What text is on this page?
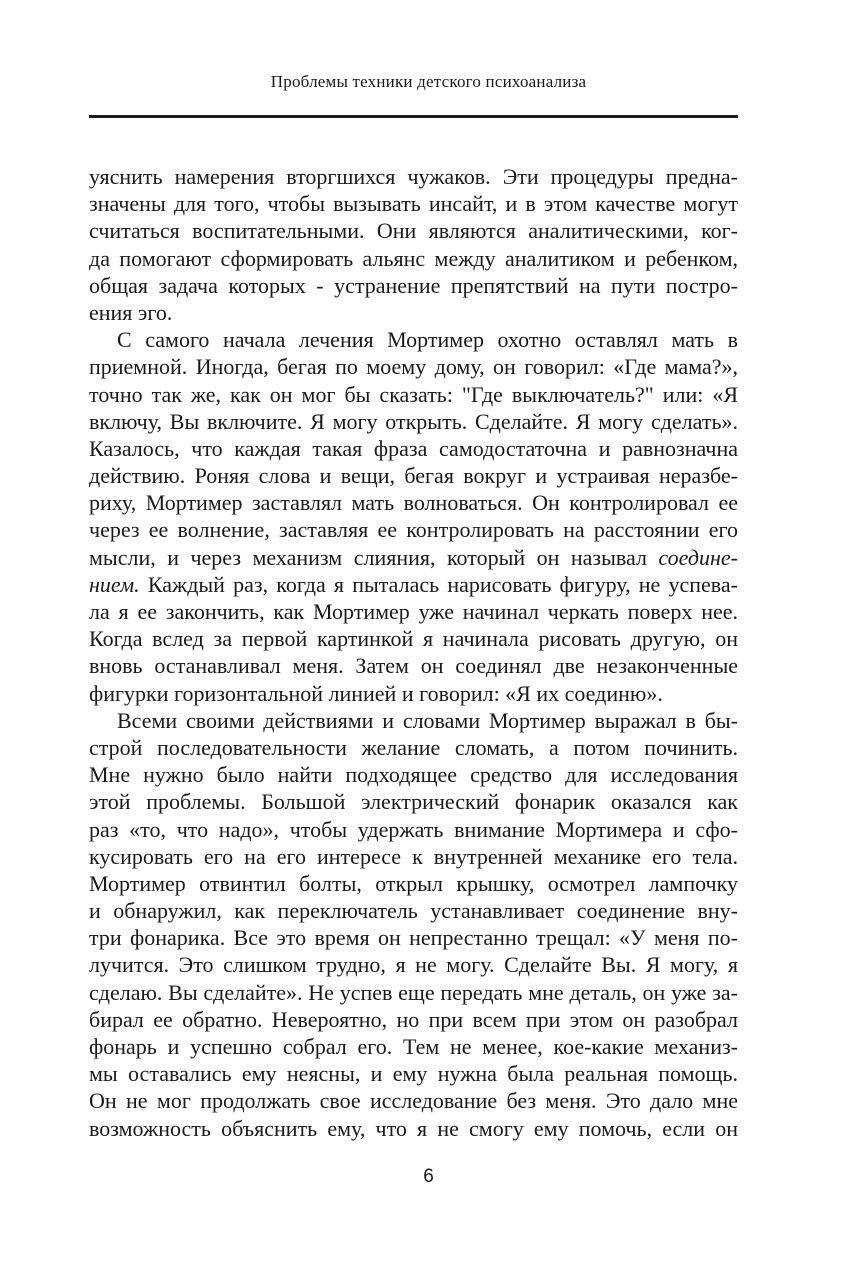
Проблемы техники детского психоанализа
уяснить намерения вторгшихся чужаков. Эти процедуры предна-
значены для того, чтобы вызывать инсайт, и в этом качестве могут
считаться воспитательными. Они являются аналитическими, ког-
да помогают сформировать альянс между аналитиком и ребенком,
общая задача которых - устранение препятствий на пути постро-
ения эго.
С самого начала лечения Мортимер охотно оставлял мать в
приемной. Иногда, бегая по моему дому, он говорил: «Где мама?»,
точно так же, как он мог бы сказать: "Где выключатель?" или: «Я
включу, Вы включите. Я могу открыть. Сделайте. Я могу сделать».
Казалось, что каждая такая фраза самодостаточна и равнозначна
действию. Роняя слова и вещи, бегая вокруг и устраивая неразбе-
риху, Мортимер заставлял мать волноваться. Он контролировал ее
через ее волнение, заставляя ее контролировать на расстоянии его
мысли, и через механизм слияния, который он называл соедине-
нием. Каждый раз, когда я пыталась нарисовать фигуру, не успева-
ла я ее закончить, как Мортимер уже начинал черкать поверх нее.
Когда вслед за первой картинкой я начинала рисовать другую, он
вновь останавливал меня. Затем он соединял две незаконченные
фигурки горизонтальной линией и говорил: «Я их соединю».
Всеми своими действиями и словами Мортимер выражал в бы-
строй последовательности желание сломать, а потом починить.
Мне нужно было найти подходящее средство для исследования
этой проблемы. Большой электрический фонарик оказался как
раз «то, что надо», чтобы удержать внимание Мортимера и сфо-
кусировать его на его интересе к внутренней механике его тела.
Мортимер отвинтил болты, открыл крышку, осмотрел лампочку
и обнаружил, как переключатель устанавливает соединение вну-
три фонарика. Все это время он непрестанно трещал: «У меня по-
лучится. Это слишком трудно, я не могу. Сделайте Вы. Я могу, я
сделаю. Вы сделайте». Не успев еще передать мне деталь, он уже за-
бирал ее обратно. Невероятно, но при всем при этом он разобрал
фонарь и успешно собрал его. Тем не менее, кое-какие механиз-
мы оставались ему неясны, и ему нужна была реальная помощь.
Он не мог продолжать свое исследование без меня. Это дало мне
возможность объяснить ему, что я не смогу ему помочь, если он
6
